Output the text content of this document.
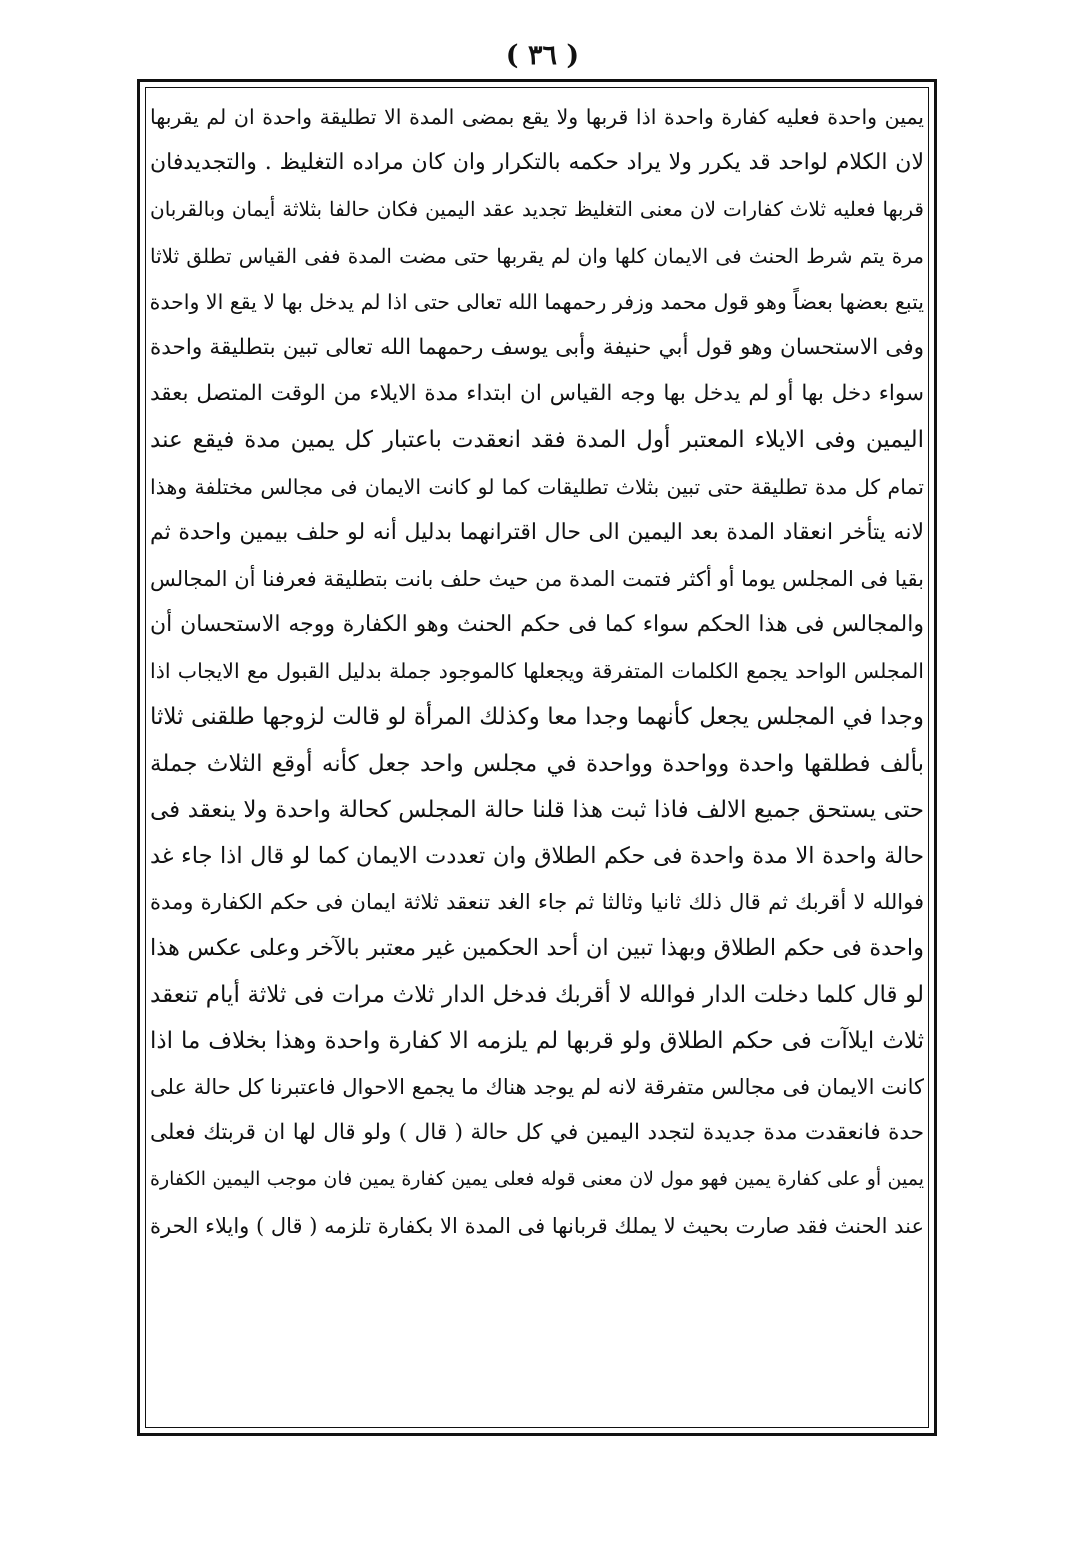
( ٣٦ )
يمين واحدة فعليه كفارة واحدة اذا قربها ولا يقع بمضى المدة الا تطليقة واحدة ان لم يقربها
لان الكلام لواحد قد يكرر ولا يراد حكمه بالتكرار وان كان مراده التغليظ . والتجديدفان
قربها فعليه ثلاث كفارات لان معنى التغليظ تجديد عقد اليمين فكان حالفا بثلاثة أيمان وبالقربان
مرة يتم شرط الحنث فى الايمان كلها وان لم يقربها حتى مضت المدة ففى القياس تطلق ثلاثا
يتبع بعضها بعضاً وهو قول محمد وزفر رحمهما الله تعالى حتى اذا لم يدخل بها لا يقع الا واحدة
وفى الاستحسان وهو قول أبي حنيفة وأبى يوسف رحمهما الله تعالى تبين بتطليقة واحدة
سواء دخل بها أو لم يدخل بها وجه القياس ان ابتداء مدة الايلاء من الوقت المتصل بعقد
اليمين وفى الايلاء المعتبر أول المدة فقد انعقدت باعتبار كل يمين مدة فيقع عند
تمام كل مدة تطليقة حتى تبين بثلاث تطليقات كما لو كانت الايمان فى مجالس مختلفة وهذا
لانه يتأخر انعقاد المدة بعد اليمين الى حال اقترانهما بدليل أنه لو حلف بيمين واحدة ثم
بقيا فى المجلس يوما أو أكثر فتمت المدة من حيث حلف بانت بتطليقة فعرفنا أن المجالس
والمجالس فى هذا الحكم سواء كما فى حكم الحنث وهو الكفارة ووجه الاستحسان أن
المجلس الواحد يجمع الكلمات المتفرقة ويجعلها كالموجود جملة بدليل القبول مع الايجاب اذا
وجدا في المجلس يجعل كأنهما وجدا معا وكذلك المرأة لو قالت لزوجها طلقنى ثلاثا
بألف فطلقها واحدة وواحدة وواحدة في مجلس واحد جعل كأنه أوقع الثلاث جملة
حتى يستحق جميع الالف فاذا ثبت هذا قلنا حالة المجلس كحالة واحدة ولا ينعقد فى
حالة واحدة الا مدة واحدة فى حكم الطلاق وان تعددت الايمان كما لو قال اذا جاء غد
فوالله لا أقربك ثم قال ذلك ثانيا وثالثا ثم جاء الغد تنعقد ثلاثة ايمان فى حكم الكفارة ومدة
واحدة فى حكم الطلاق وبهذا تبين ان أحد الحكمين غير معتبر بالآخر وعلى عكس هذا
لو قال كلما دخلت الدار فوالله لا أقربك فدخل الدار ثلاث مرات فى ثلاثة أيام تنعقد
ثلاث ايلاآت فى حكم الطلاق ولو قربها لم يلزمه الا كفارة واحدة وهذا بخلاف ما اذا
كانت الايمان فى مجالس متفرقة لانه لم يوجد هناك ما يجمع الاحوال فاعتبرنا كل حالة على
حدة فانعقدت مدة جديدة لتجدد اليمين في كل حالة ( قال ) ولو قال لها ان قربتك فعلى
يمين أو على كفارة يمين فهو مول لان معنى قوله فعلى يمين كفارة يمين فان موجب اليمين الكفارة
عند الحنث فقد صارت بحيث لا يملك قربانها فى المدة الا بكفارة تلزمه ( قال ) وايلاء الحرة
